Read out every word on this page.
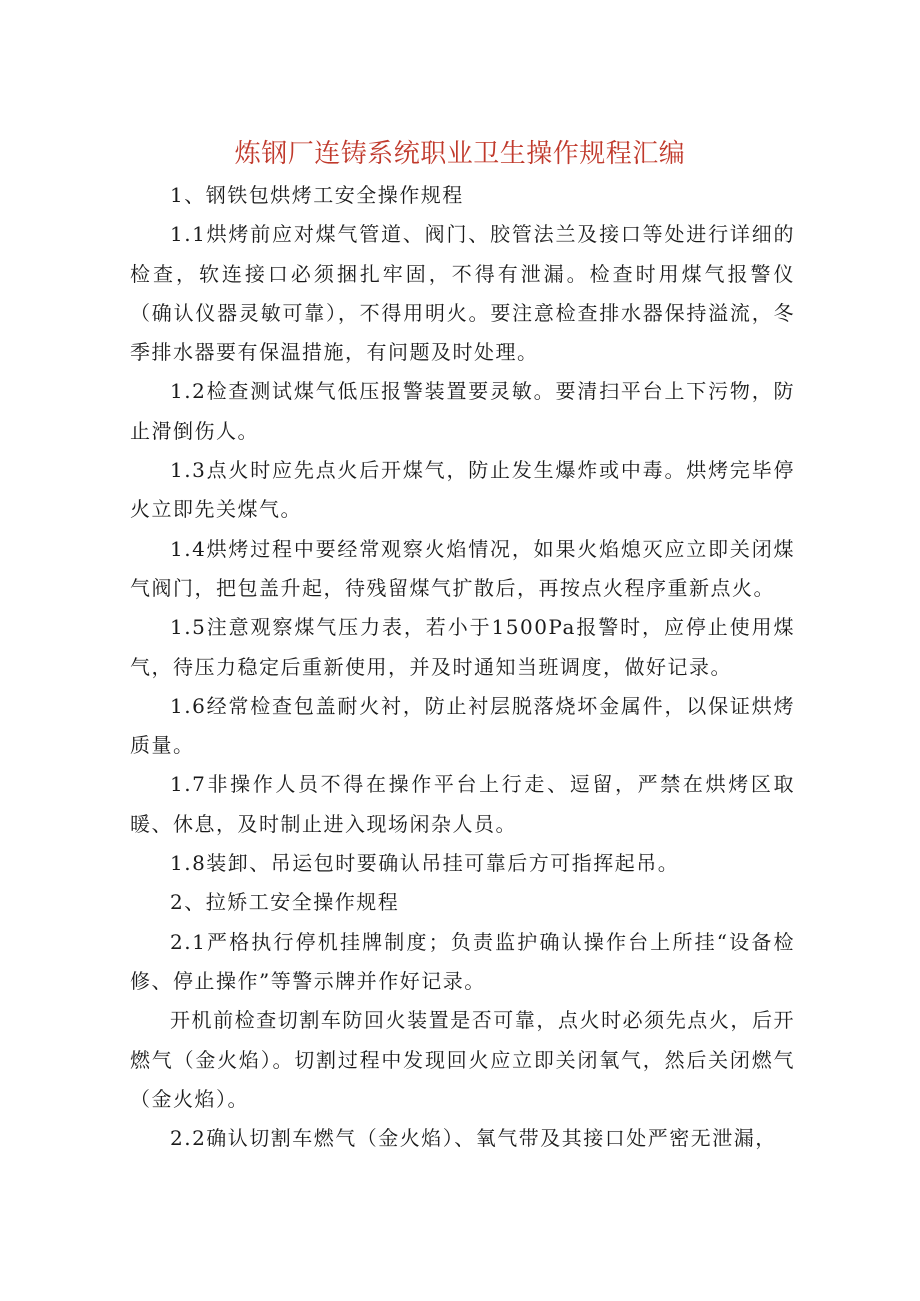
炼钢厂连铸系统职业卫生操作规程汇编

1、钢铁包烘烤工安全操作规程

1.1烘烤前应对煤气管道、阀门、胶管法兰及接口等处进行详细的检查，软连接口必须捆扎牢固，不得有泄漏。检查时用煤气报警仪（确认仪器灵敏可靠），不得用明火。要注意检查排水器保持溢流，冬季排水器要有保温措施，有问题及时处理。

1.2检查测试煤气低压报警装置要灵敏。要清扫平台上下污物，防止滑倒伤人。

1.3点火时应先点火后开煤气，防止发生爆炸或中毒。烘烤完毕停火立即先关煤气。

1.4烘烤过程中要经常观察火焰情况，如果火焰熄灭应立即关闭煤气阀门，把包盖升起，待残留煤气扩散后，再按点火程序重新点火。

1.5注意观察煤气压力表，若小于1500Pa报警时，应停止使用煤气，待压力稳定后重新使用，并及时通知当班调度，做好记录。

1.6经常检查包盖耐火衬，防止衬层脱落烧坏金属件，以保证烘烤质量。

1.7非操作人员不得在操作平台上行走、逗留，严禁在烘烤区取暖、休息，及时制止进入现场闲杂人员。

1.8装卸、吊运包时要确认吊挂可靠后方可指挥起吊。

2、拉矫工安全操作规程

2.1严格执行停机挂牌制度；负责监护确认操作台上所挂“设备检修、停止操作”等警示牌并作好记录。

开机前检查切割车防回火装置是否可靠，点火时必须先点火，后开燃气（金火焰）。切割过程中发现回火应立即关闭氧气，然后关闭燃气（金火焰）。

2.2确认切割车燃气（金火焰）、氧气带及其接口处严密无泄漏，
